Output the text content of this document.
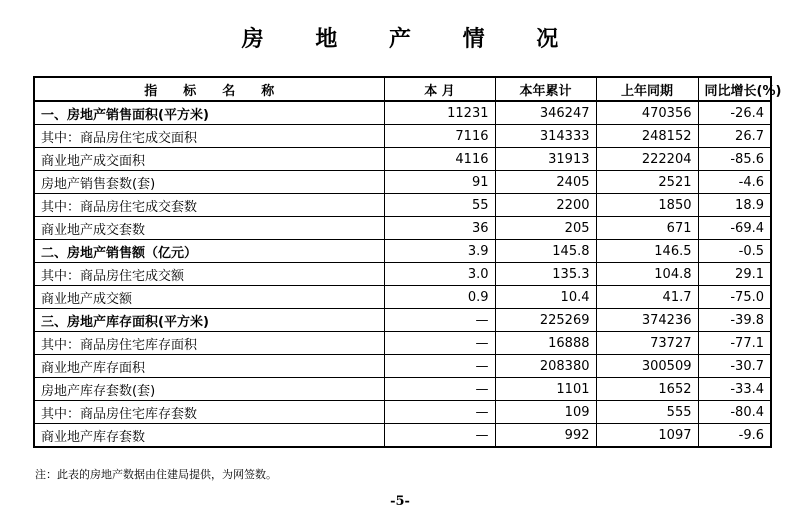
房 地 产 情 况
指　　标　　名　　称	本 月	本年累计	上年同期	同比增长(%)
一、房地产销售面积(平方米)	11231	346247	470356	-26.4
其中：商品房住宅成交面积	7116	314333	248152	26.7
商业地产成交面积	4116	31913	222204	-85.6
房地产销售套数(套)	91	2405	2521	-4.6
其中：商品房住宅成交套数	55	2200	1850	18.9
商业地产成交套数	36	205	671	-69.4
二、房地产销售额（亿元）	3.9	145.8	146.5	-0.5
其中：商品房住宅成交额	3.0	135.3	104.8	29.1
商业地产成交额	0.9	10.4	41.7	-75.0
三、房地产库存面积(平方米)	—	225269	374236	-39.8
其中：商品房住宅库存面积	—	16888	73727	-77.1
商业地产库存面积	—	208380	300509	-30.7
房地产库存套数(套)	—	1101	1652	-33.4
其中：商品房住宅库存套数	—	109	555	-80.4
商业地产库存套数	—	992	1097	-9.6
注：此表的房地产数据由住建局提供，为网签数。
-5-
